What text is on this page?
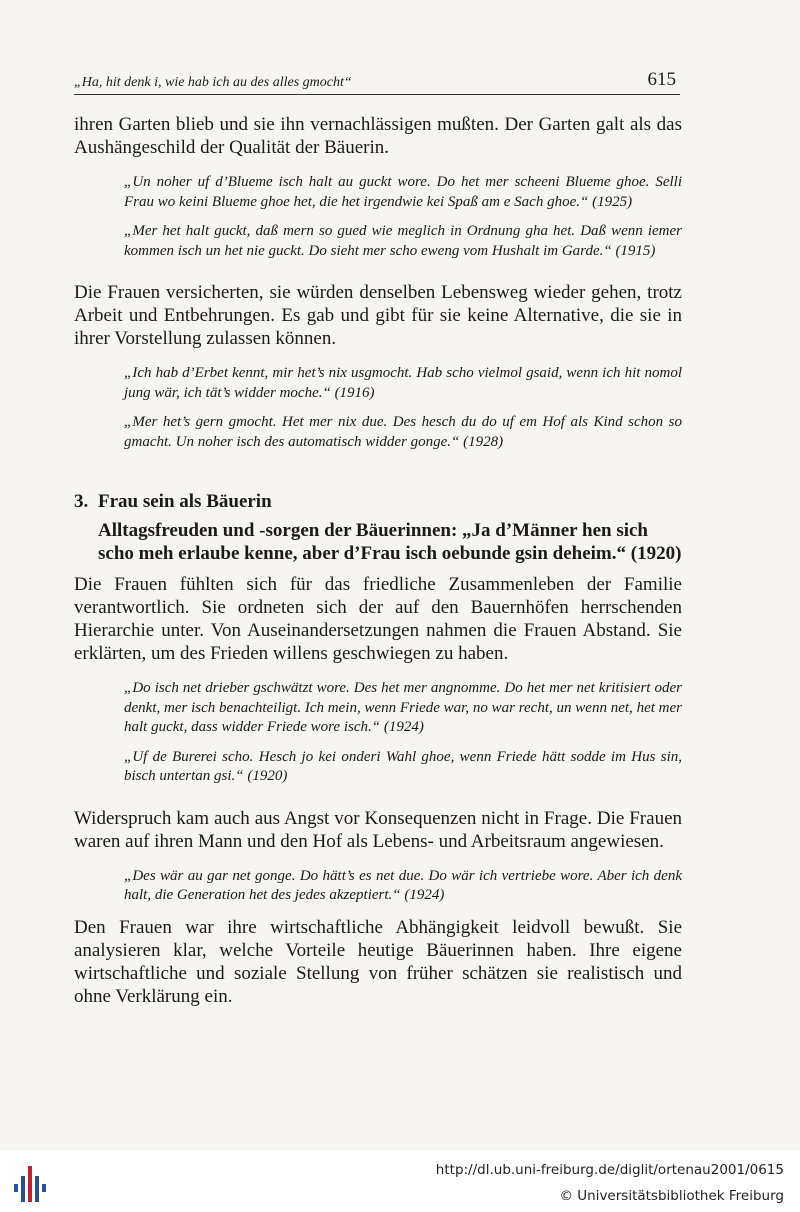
„Ha, hit denk i, wie hab ich au des alles gmocht“	615

ihren Garten blieb und sie ihn vernachlässigen mußten. Der Garten galt als das Aushängeschild der Qualität der Bäuerin.

„Un noher uf d’Blueme isch halt au guckt wore. Do het mer scheeni Blueme ghoe. Selli Frau wo keini Blueme ghoe het, die het irgendwie kei Spaß am e Sach ghoe.“ (1925)

„Mer het halt guckt, daß mern so gued wie meglich in Ordnung gha het. Daß wenn iemer kommen isch un het nie guckt. Do sieht mer scho eweng vom Hushalt im Garde.“ (1915)

Die Frauen versicherten, sie würden denselben Lebensweg wieder gehen, trotz Arbeit und Entbehrungen. Es gab und gibt für sie keine Alternative, die sie in ihrer Vorstellung zulassen können.

„Ich hab d’Erbet kennt, mir het’s nix usgmocht. Hab scho vielmol gsaid, wenn ich hit nomol jung wär, ich tät’s widder moche.“ (1916)

„Mer het’s gern gmocht. Het mer nix due. Des hesch du do uf em Hof als Kind schon so gmacht. Un noher isch des automatisch widder gonge.“ (1928)

3. Frau sein als Bäuerin
Alltagsfreuden und -sorgen der Bäuerinnen: „Ja d’Männer hen sich scho meh erlaube kenne, aber d’Frau isch oebunde gsin deheim.“ (1920)

Die Frauen fühlten sich für das friedliche Zusammenleben der Familie verantwortlich. Sie ordneten sich der auf den Bauernhöfen herrschenden Hierarchie unter. Von Auseinandersetzungen nahmen die Frauen Abstand. Sie erklärten, um des Frieden willens geschwiegen zu haben.

„Do isch net drieber gschwätzt wore. Des het mer angnomme. Do het mer net kritisiert oder denkt, mer isch benachteiligt. Ich mein, wenn Friede war, no war recht, un wenn net, het mer halt guckt, dass widder Friede wore isch.“ (1924)

„Uf de Burerei scho. Hesch jo kei onderi Wahl ghoe, wenn Friede hätt sodde im Hus sin, bisch untertan gsi.“ (1920)

Widerspruch kam auch aus Angst vor Konsequenzen nicht in Frage. Die Frauen waren auf ihren Mann und den Hof als Lebens- und Arbeitsraum angewiesen.

„Des wär au gar net gonge. Do hätt’s es net due. Do wär ich vertriebe wore. Aber ich denk halt, die Generation het des jedes akzeptiert.“ (1924)

Den Frauen war ihre wirtschaftliche Abhängigkeit leidvoll bewußt. Sie analysieren klar, welche Vorteile heutige Bäuerinnen haben. Ihre eigene wirtschaftliche und soziale Stellung von früher schätzen sie realistisch und ohne Verklärung ein.

http://dl.ub.uni-freiburg.de/diglit/ortenau2001/0615
© Universitätsbibliothek Freiburg
